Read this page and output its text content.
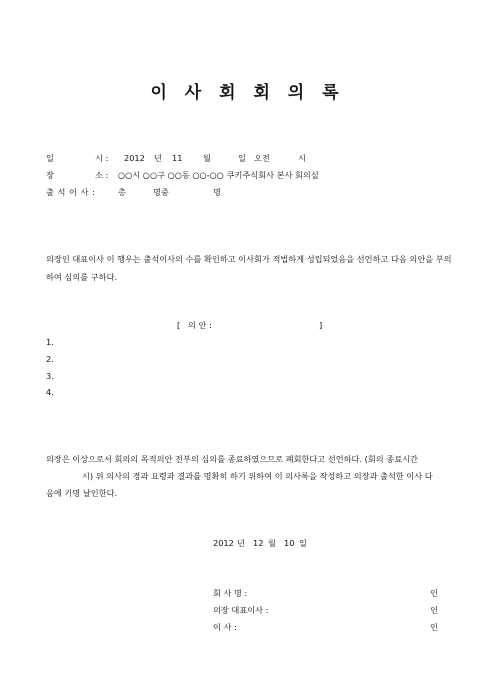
이 사 회 회 의 록
일	시 : 2012 년 11	월	일 오전	시
장	소 : ○○시 ○○구 ○○동 ○○-○○ 쿠키주식회사 본사 회의실
출 석 이 사 :	총	명중	명
의장인 대표이사 이 행우는 출석이사의 수를 확인하고 이사회가 적법하게 성립되었음을 선언하고 다음 의안을 부의하여 심의를 구하다.
[ 의 안 :	]
1.
2.
3.
4.
의장은 이상으로서 회의의 목적의안 전부의 심의를 종료하였으므로 폐회한다고 선언하다. (회의 종료시간
시) 위 의사의 경과 요령과 결과를 명확히 하기 위하여 이 의사록을 작성하고 의장과 출석한 이사 다
음에 기명 날인한다.
2012 년 12 월 10 일
회 사 명 :	인
의장 대표이사 :	인
이 사 :	인
